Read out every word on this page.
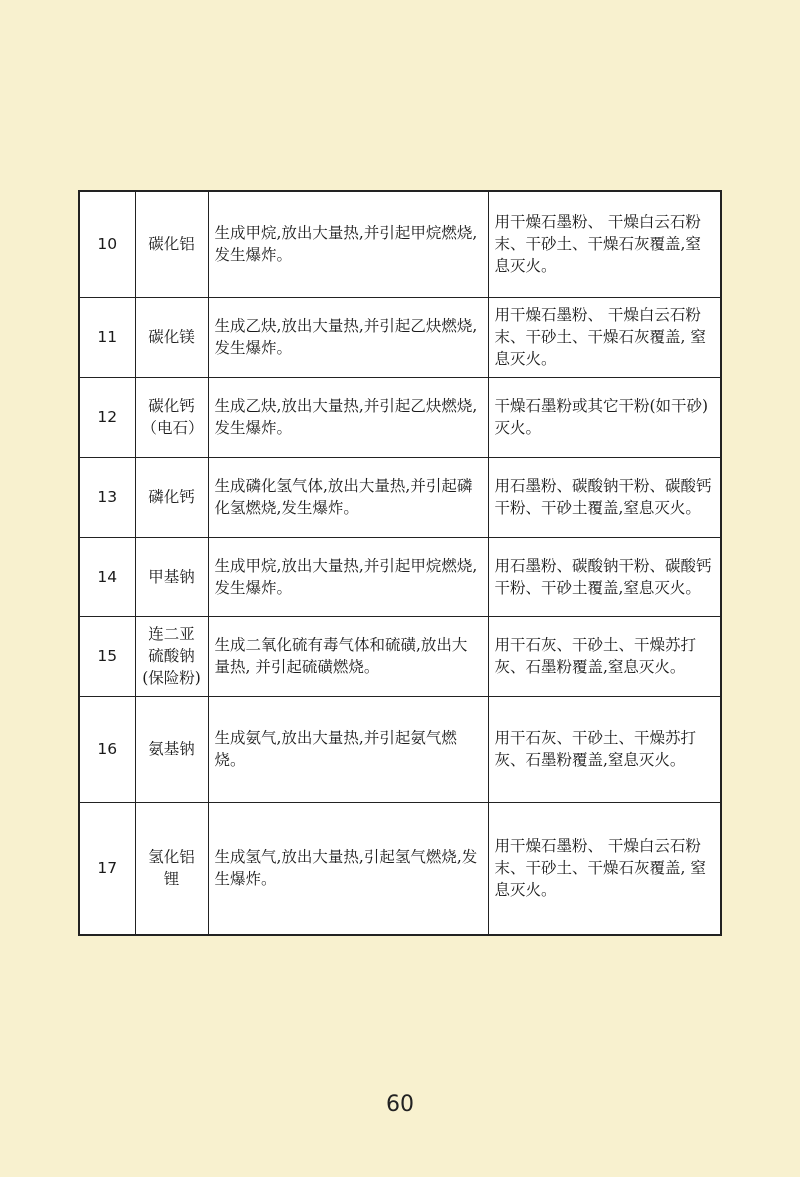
10	碳化铝	生成甲烷,放出大量热,并引起甲烷燃烧,发生爆炸。	用干燥石墨粉、 干燥白云石粉末、干砂土、干燥石灰覆盖,窒息灭火。
11	碳化镁	生成乙炔,放出大量热,并引起乙炔燃烧,发生爆炸。	用干燥石墨粉、 干燥白云石粉末、干砂土、干燥石灰覆盖, 窒息灭火。
12	碳化钙（电石）	生成乙炔,放出大量热,并引起乙炔燃烧,发生爆炸。	干燥石墨粉或其它干粉(如干砂)灭火。
13	磷化钙	生成磷化氢气体,放出大量热,并引起磷化氢燃烧,发生爆炸。	用石墨粉、碳酸钠干粉、碳酸钙干粉、干砂土覆盖,窒息灭火。
14	甲基钠	生成甲烷,放出大量热,并引起甲烷燃烧,发生爆炸。	用石墨粉、碳酸钠干粉、碳酸钙干粉、干砂土覆盖,窒息灭火。
15	连二亚硫酸钠(保险粉)	生成二氧化硫有毒气体和硫磺,放出大量热, 并引起硫磺燃烧。	用干石灰、干砂土、干燥苏打灰、石墨粉覆盖,窒息灭火。
16	氨基钠	生成氨气,放出大量热,并引起氨气燃烧。	用干石灰、干砂土、干燥苏打灰、石墨粉覆盖,窒息灭火。
17	氢化铝锂	生成氢气,放出大量热,引起氢气燃烧,发生爆炸。	用干燥石墨粉、 干燥白云石粉末、干砂土、干燥石灰覆盖, 窒息灭火。
60
